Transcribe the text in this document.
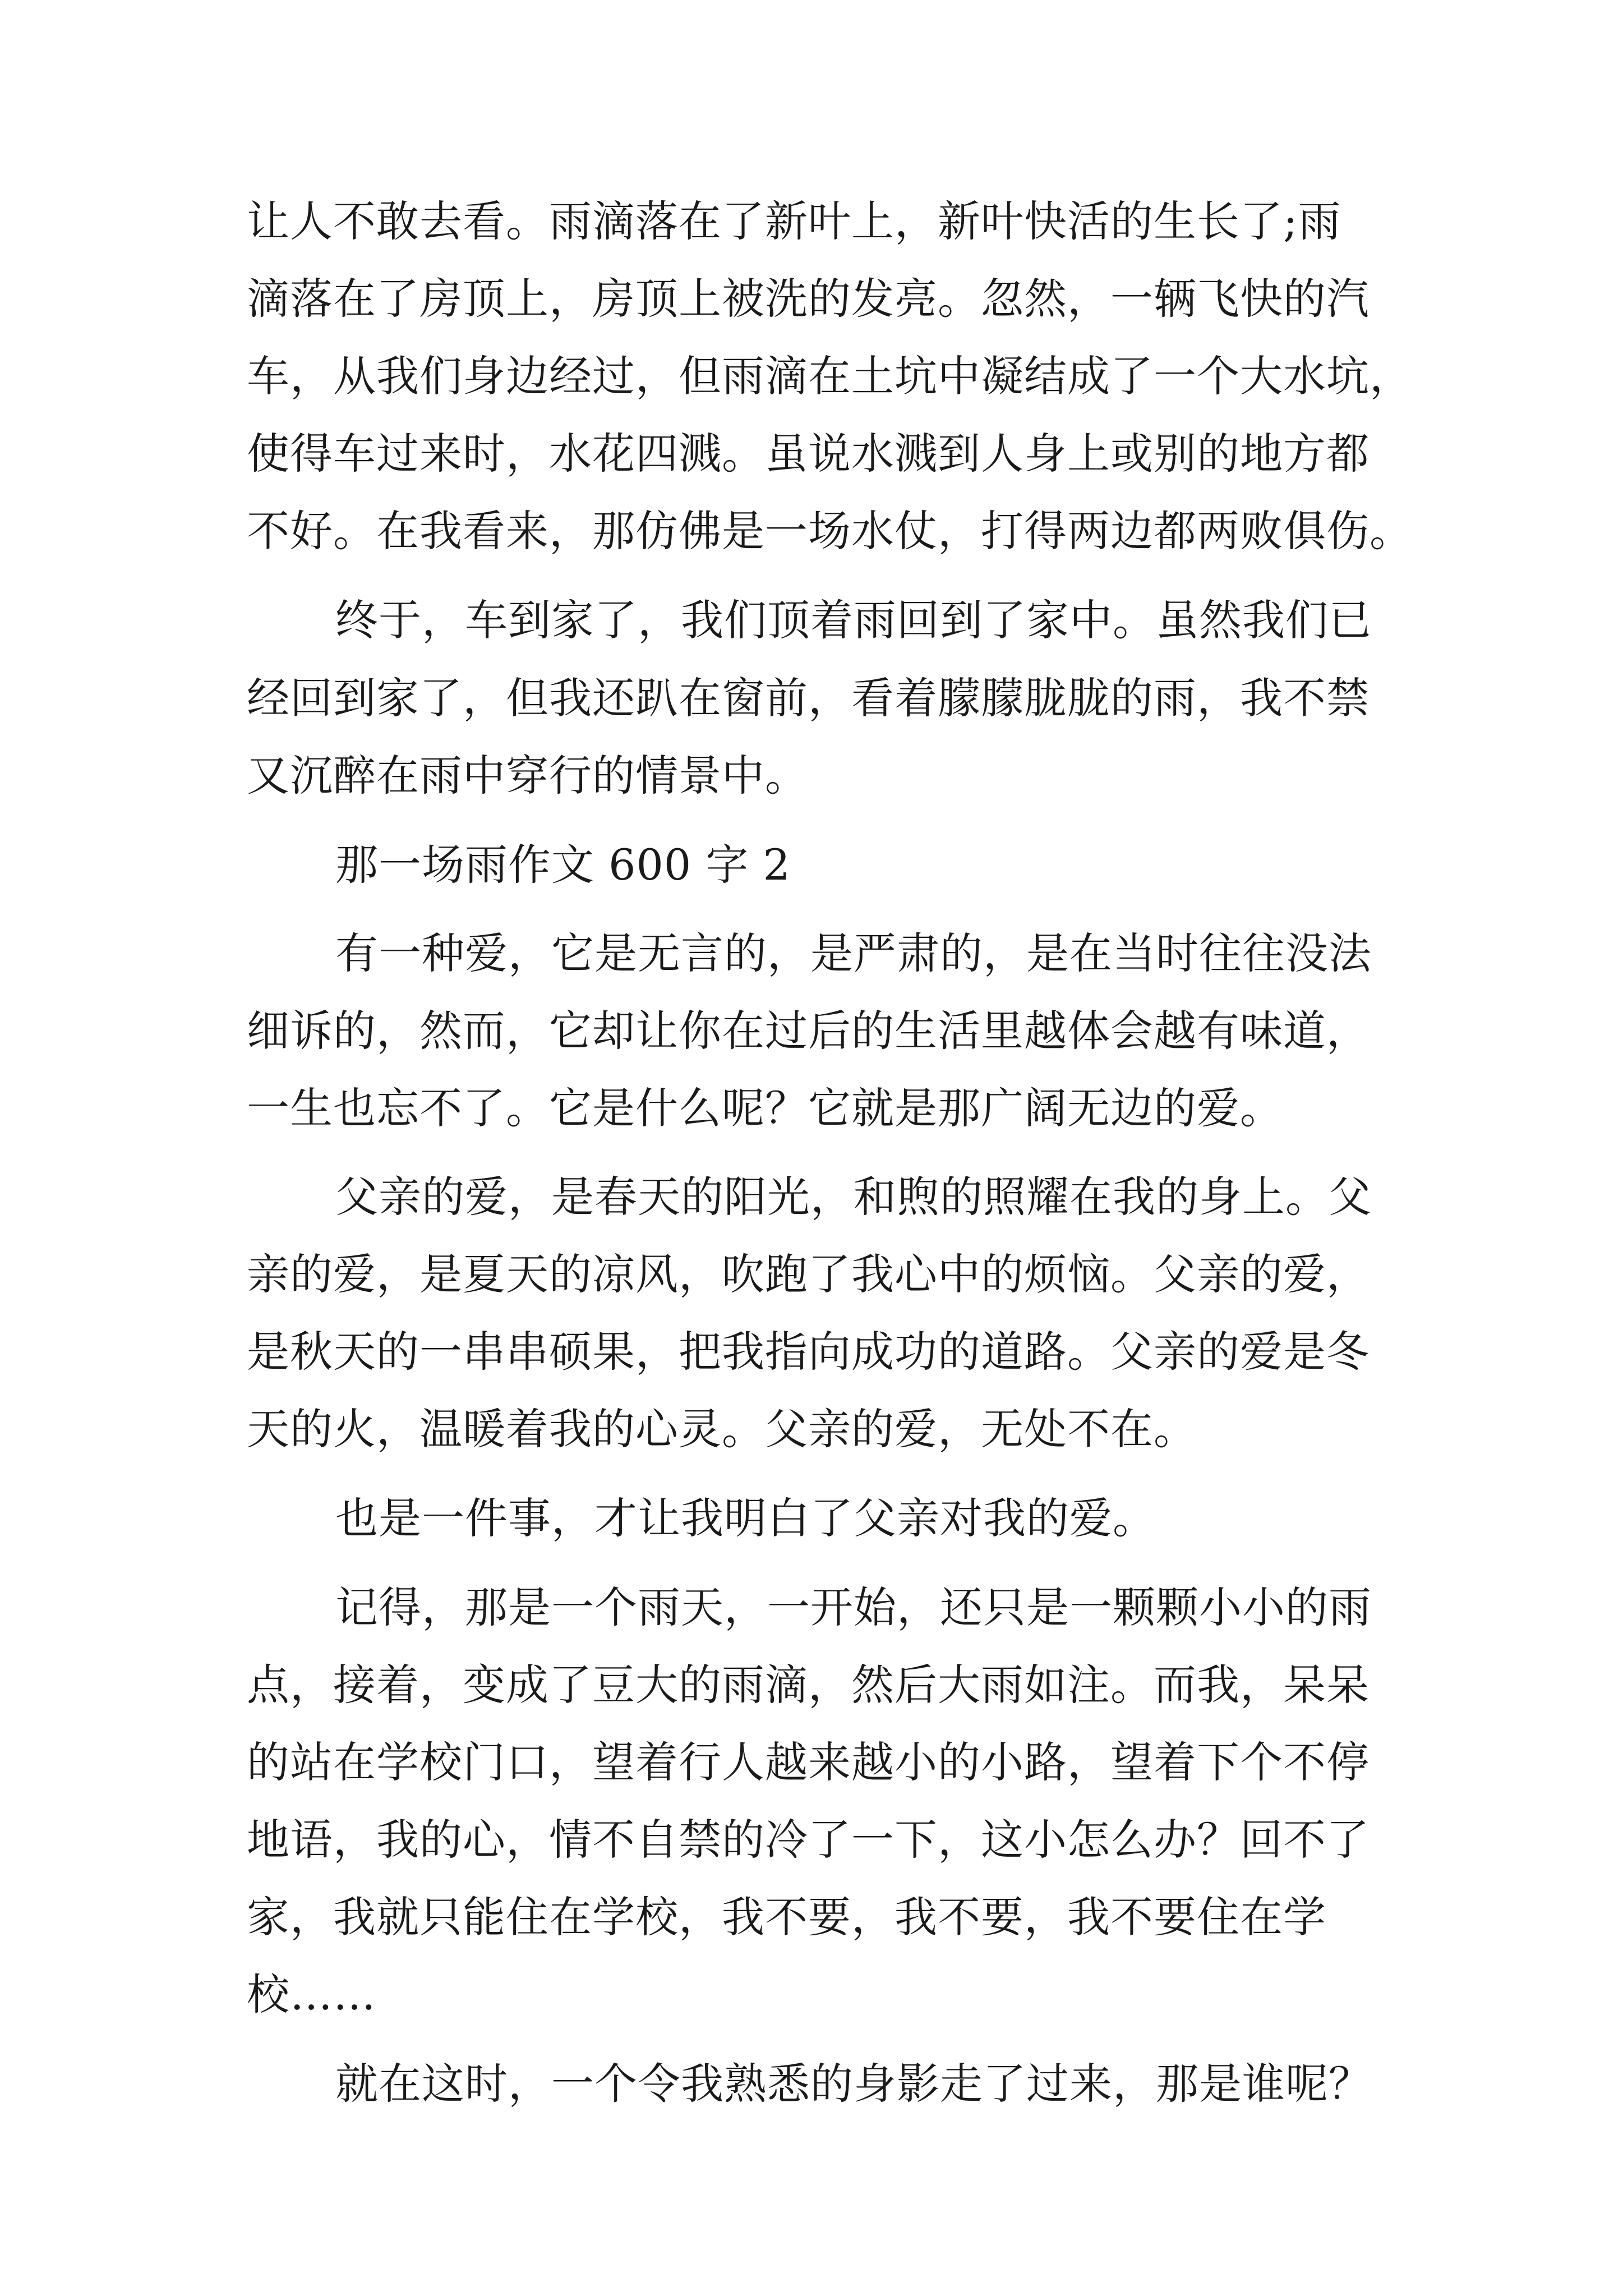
让人不敢去看。雨滴落在了新叶上，新叶快活的生长了;雨
滴落在了房顶上，房顶上被洗的发亮。忽然，一辆飞快的汽
车，从我们身边经过，但雨滴在土坑中凝结成了一个大水坑，
使得车过来时，水花四溅。虽说水溅到人身上或别的地方都
不好。在我看来，那仿佛是一场水仗，打得两边都两败俱伤。
终于，车到家了，我们顶着雨回到了家中。虽然我们已
经回到家了，但我还趴在窗前，看着朦朦胧胧的雨，我不禁
又沉醉在雨中穿行的情景中。
那一场雨作文 600 字 2
有一种爱，它是无言的，是严肃的，是在当时往往没法
细诉的，然而，它却让你在过后的生活里越体会越有味道，
一生也忘不了。它是什么呢？它就是那广阔无边的爱。
父亲的爱，是春天的阳光，和煦的照耀在我的身上。父
亲的爱，是夏天的凉风，吹跑了我心中的烦恼。父亲的爱，
是秋天的一串串硕果，把我指向成功的道路。父亲的爱是冬
天的火，温暖着我的心灵。父亲的爱，无处不在。
也是一件事，才让我明白了父亲对我的爱。
记得，那是一个雨天，一开始，还只是一颗颗小小的雨
点，接着，变成了豆大的雨滴，然后大雨如注。而我，呆呆
的站在学校门口，望着行人越来越小的小路，望着下个不停
地语，我的心，情不自禁的冷了一下，这小怎么办？回不了
家，我就只能住在学校，我不要，我不要，我不要住在学
校……
就在这时，一个令我熟悉的身影走了过来，那是谁呢？
